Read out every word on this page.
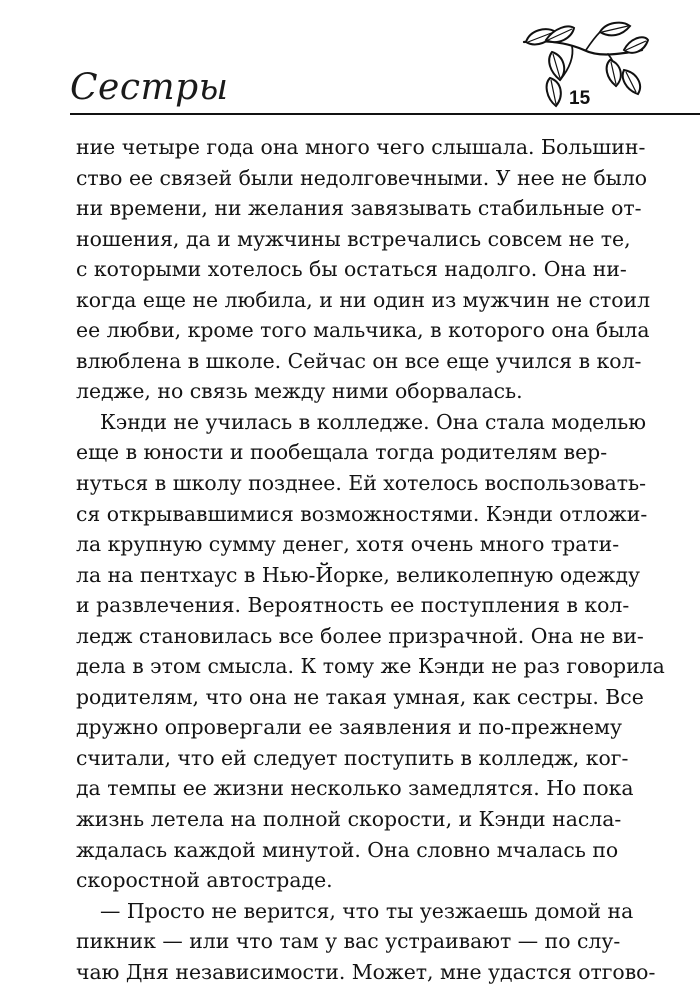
Сестры	15
ние четыре года она много чего слышала. Большин-
ство ее связей были недолговечными. У нее не было
ни времени, ни желания завязывать стабильные от-
ношения, да и мужчины встречались совсем не те,
с которыми хотелось бы остаться надолго. Она ни-
когда еще не любила, и ни один из мужчин не стоил
ее любви, кроме того мальчика, в которого она была
влюблена в школе. Сейчас он все еще учился в кол-
ледже, но связь между ними оборвалась.
Кэнди не училась в колледже. Она стала моделью
еще в юности и пообещала тогда родителям вер-
нуться в школу позднее. Ей хотелось воспользовать-
ся открывавшимися возможностями. Кэнди отложи-
ла крупную сумму денег, хотя очень много трати-
ла на пентхаус в Нью-Йорке, великолепную одежду
и развлечения. Вероятность ее поступления в кол-
ледж становилась все более призрачной. Она не ви-
дела в этом смысла. К тому же Кэнди не раз говорила
родителям, что она не такая умная, как сестры. Все
дружно опровергали ее заявления и по-прежнему
считали, что ей следует поступить в колледж, ког-
да темпы ее жизни несколько замедлятся. Но пока
жизнь летела на полной скорости, и Кэнди насла-
ждалась каждой минутой. Она словно мчалась по
скоростной автостраде.
— Просто не верится, что ты уезжаешь домой на
пикник — или что там у вас устраивают — по слу-
чаю Дня независимости. Может, мне удастся отгово-
